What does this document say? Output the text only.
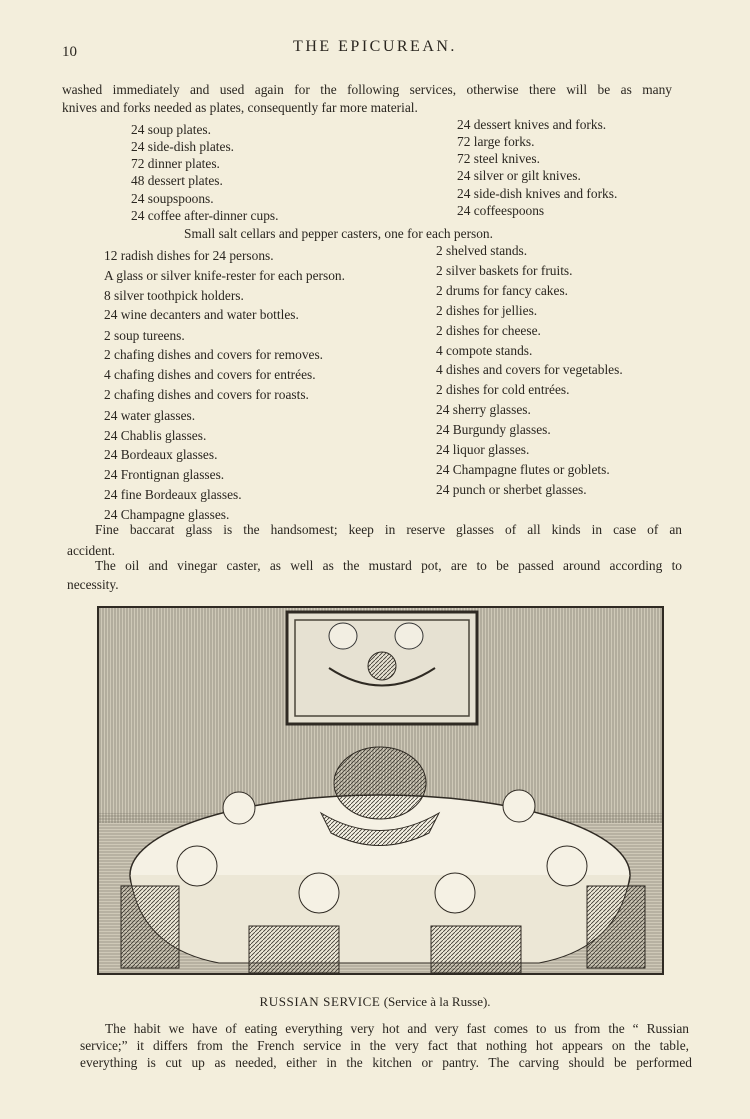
10	THE EPICUREAN.
washed immediately and used again for the following services, otherwise there will be as many
knives and forks needed as plates, consequently far more material.
24 soup plates.
24 side-dish plates.
72 dinner plates.
48 dessert plates.
24 soupspoons.
24 coffee after-dinner cups.
24 dessert knives and forks.
72 large forks.
72 steel knives.
24 silver or gilt knives.
24 side-dish knives and forks.
24 coffeespoons
Small salt cellars and pepper casters, one for each person.
12 radish dishes for 24 persons.
A glass or silver knife-rester for each person.
8 silver toothpick holders.
24 wine decanters and water bottles.
2 soup tureens.
2 chafing dishes and covers for removes.
4 chafing dishes and covers for entrées.
2 chafing dishes and covers for roasts.
24 water glasses.
24 Chablis glasses.
24 Bordeaux glasses.
24 Frontignan glasses.
24 fine Bordeaux glasses.
24 Champagne glasses.
2 shelved stands.
2 silver baskets for fruits.
2 drums for fancy cakes.
2 dishes for jellies.
2 dishes for cheese.
4 compote stands.
4 dishes and covers for vegetables.
2 dishes for cold entrées.
24 sherry glasses.
24 Burgundy glasses.
24 liquor glasses.
24 Champagne flutes or goblets.
24 punch or sherbet glasses.
Fine baccarat glass is the handsomest; keep in reserve glasses of all kinds in case of an
accident.
The oil and vinegar caster, as well as the mustard pot, are to be passed around according to
necessity.
RUSSIAN SERVICE (Service à la Russe).
The habit we have of eating everything very hot and very fast comes to us from the “ Russian
service;” it differs from the French service in the very fact that nothing hot appears on the table,
everything is cut up as needed, either in the kitchen or pantry. The carving should be performed
